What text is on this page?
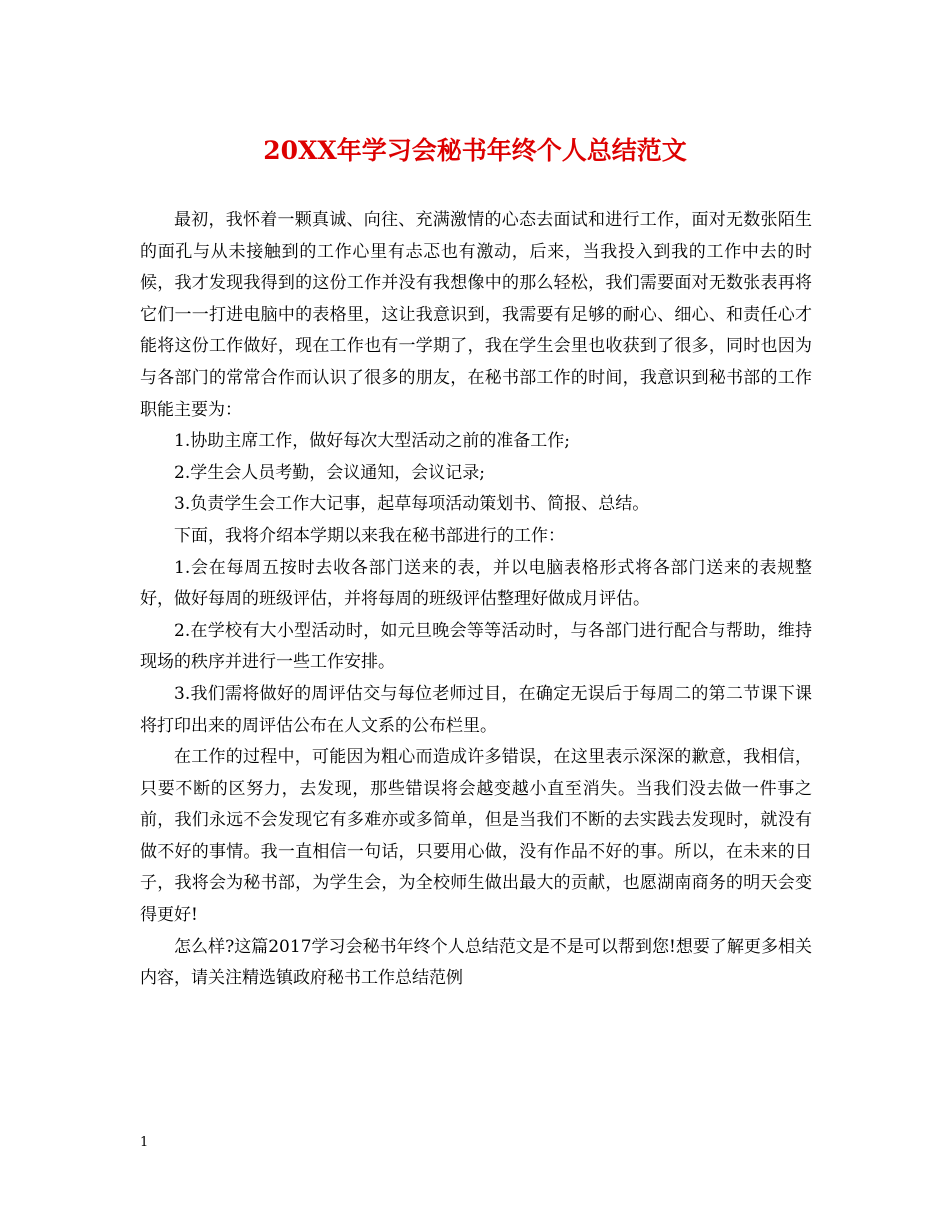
20XX年学习会秘书年终个人总结范文

最初，我怀着一颗真诚、向往、充满激情的心态去面试和进行工作，面对无数张陌生的面孔与从未接触到的工作心里有忐忑也有激动，后来，当我投入到我的工作中去的时候，我才发现我得到的这份工作并没有我想像中的那么轻松，我们需要面对无数张表再将它们一一打进电脑中的表格里，这让我意识到，我需要有足够的耐心、细心、和责任心才能将这份工作做好，现在工作也有一学期了，我在学生会里也收获到了很多，同时也因为与各部门的常常合作而认识了很多的朋友，在秘书部工作的时间，我意识到秘书部的工作职能主要为：

1.协助主席工作，做好每次大型活动之前的准备工作;

2.学生会人员考勤，会议通知，会议记录;

3.负责学生会工作大记事，起草每项活动策划书、简报、总结。

下面，我将介绍本学期以来我在秘书部进行的工作：

1.会在每周五按时去收各部门送来的表，并以电脑表格形式将各部门送来的表规整好，做好每周的班级评估，并将每周的班级评估整理好做成月评估。

2.在学校有大小型活动时，如元旦晚会等等活动时，与各部门进行配合与帮助，维持现场的秩序并进行一些工作安排。

3.我们需将做好的周评估交与每位老师过目，在确定无误后于每周二的第二节课下课将打印出来的周评估公布在人文系的公布栏里。

在工作的过程中，可能因为粗心而造成许多错误，在这里表示深深的歉意，我相信，只要不断的区努力，去发现，那些错误将会越变越小直至消失。当我们没去做一件事之前，我们永远不会发现它有多难亦或多简单，但是当我们不断的去实践去发现时，就没有做不好的事情。我一直相信一句话，只要用心做，没有作品不好的事。所以，在未来的日子，我将会为秘书部，为学生会，为全校师生做出最大的贡献，也愿湖南商务的明天会变得更好!

怎么样?这篇2017学习会秘书年终个人总结范文是不是可以帮到您!想要了解更多相关内容，请关注精选镇政府秘书工作总结范例

1
